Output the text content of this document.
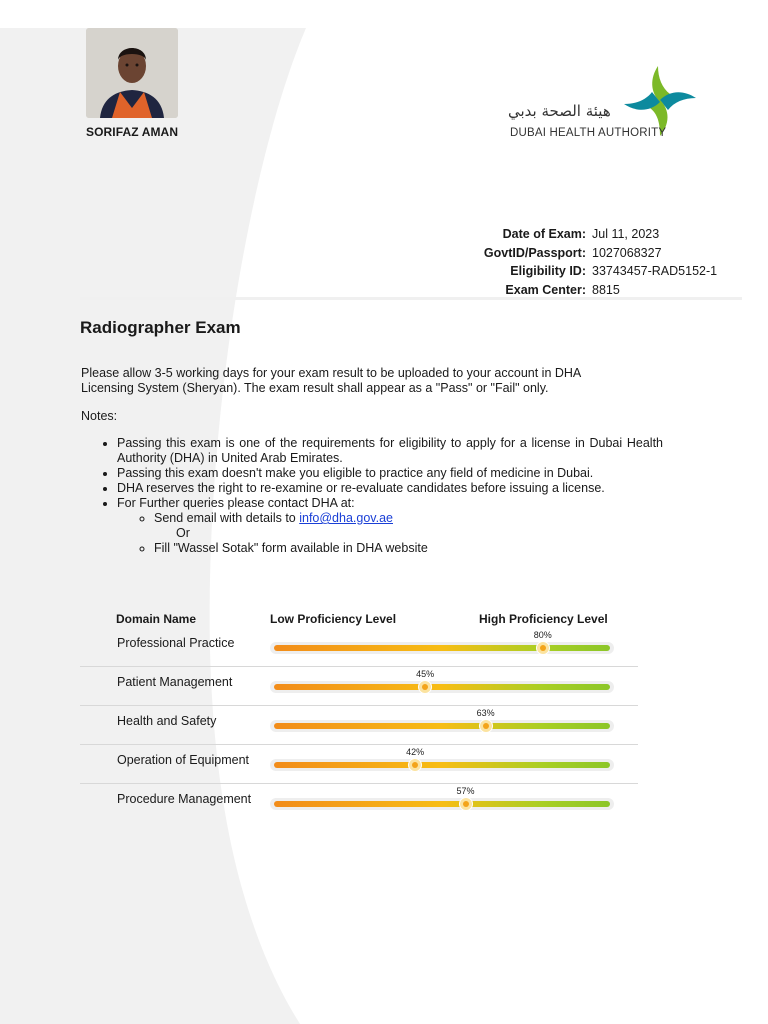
SORIFAZ AMAN
هيئة الصحة بدبي
DUBAI HEALTH AUTHORITY
Date of Exam: Jul 11, 2023
GovtID/Passport: 1027068327
Eligibility ID: 33743457-RAD5152-1
Exam Center: 8815
Radiographer Exam

Please allow 3-5 working days for your exam result to be uploaded to your account in DHA Licensing System (Sheryan). The exam result shall appear as a "Pass" or "Fail" only.

Notes:
• Passing this exam is one of the requirements for eligibility to apply for a license in Dubai Health Authority (DHA) in United Arab Emirates.
• Passing this exam doesn't make you eligible to practice any field of medicine in Dubai.
• DHA reserves the right to re-examine or re-evaluate candidates before issuing a license.
• For Further queries please contact DHA at:
◦ Send email with details to info@dha.gov.ae
Or
◦ Fill "Wassel Sotak" form available in DHA website
Domain Name	Low Proficiency Level	High Proficiency Level
Professional Practice
80%
Patient Management
45%
Health and Safety
63%
Operation of Equipment
42%
Procedure Management
57%
